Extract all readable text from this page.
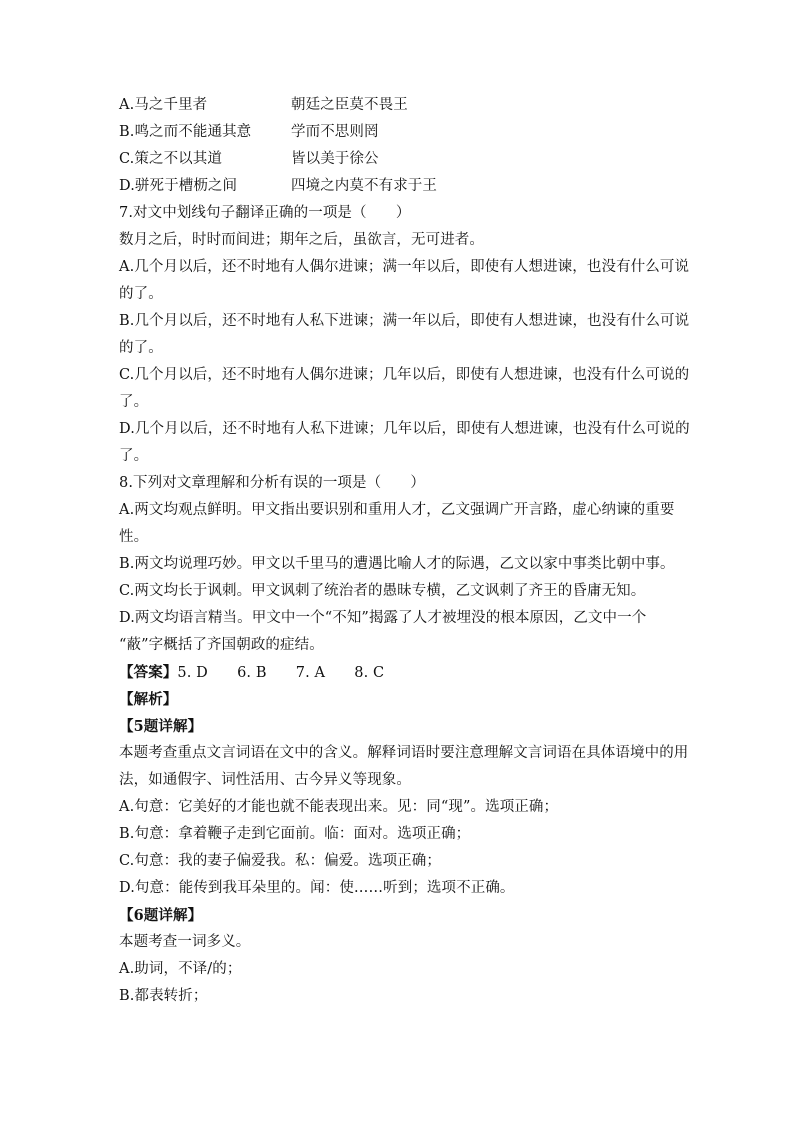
A.马之千里者	朝廷之臣莫不畏王
B.鸣之而不能通其意	学而不思则罔
C.策之不以其道	皆以美于徐公
D.骈死于槽枥之间	四境之内莫不有求于王
7.对文中划线句子翻译正确的一项是（　　）
数月之后，时时而间进；期年之后，虽欲言，无可进者。
A.几个月以后，还不时地有人偶尔进谏；满一年以后，即使有人想进谏，也没有什么可说
的了。
B.几个月以后，还不时地有人私下进谏；满一年以后，即使有人想进谏，也没有什么可说
的了。
C.几个月以后，还不时地有人偶尔进谏；几年以后，即使有人想进谏，也没有什么可说的
了。
D.几个月以后，还不时地有人私下进谏；几年以后，即使有人想进谏，也没有什么可说的
了。
8.下列对文章理解和分析有误的一项是（　　）
A.两文均观点鲜明。甲文指出要识别和重用人才，乙文强调广开言路，虚心纳谏的重要
性。
B.两文均说理巧妙。甲文以千里马的遭遇比喻人才的际遇，乙文以家中事类比朝中事。
C.两文均长于讽刺。甲文讽刺了统治者的愚昧专横，乙文讽刺了齐王的昏庸无知。
D.两文均语言精当。甲文中一个“不知”揭露了人才被埋没的根本原因，乙文中一个
“蔽”字概括了齐国朝政的症结。
【答案】5. D　　6. B　　7. A　　8. C
【解析】
【5题详解】
本题考查重点文言词语在文中的含义。解释词语时要注意理解文言词语在具体语境中的用
法，如通假字、词性活用、古今异义等现象。
A.句意：它美好的才能也就不能表现出来。见：同“现”。选项正确；
B.句意：拿着鞭子走到它面前。临：面对。选项正确；
C.句意：我的妻子偏爱我。私：偏爱。选项正确；
D.句意：能传到我耳朵里的。闻：使……听到；选项不正确。
【6题详解】
本题考查一词多义。
A.助词，不译/的；
B.都表转折；
